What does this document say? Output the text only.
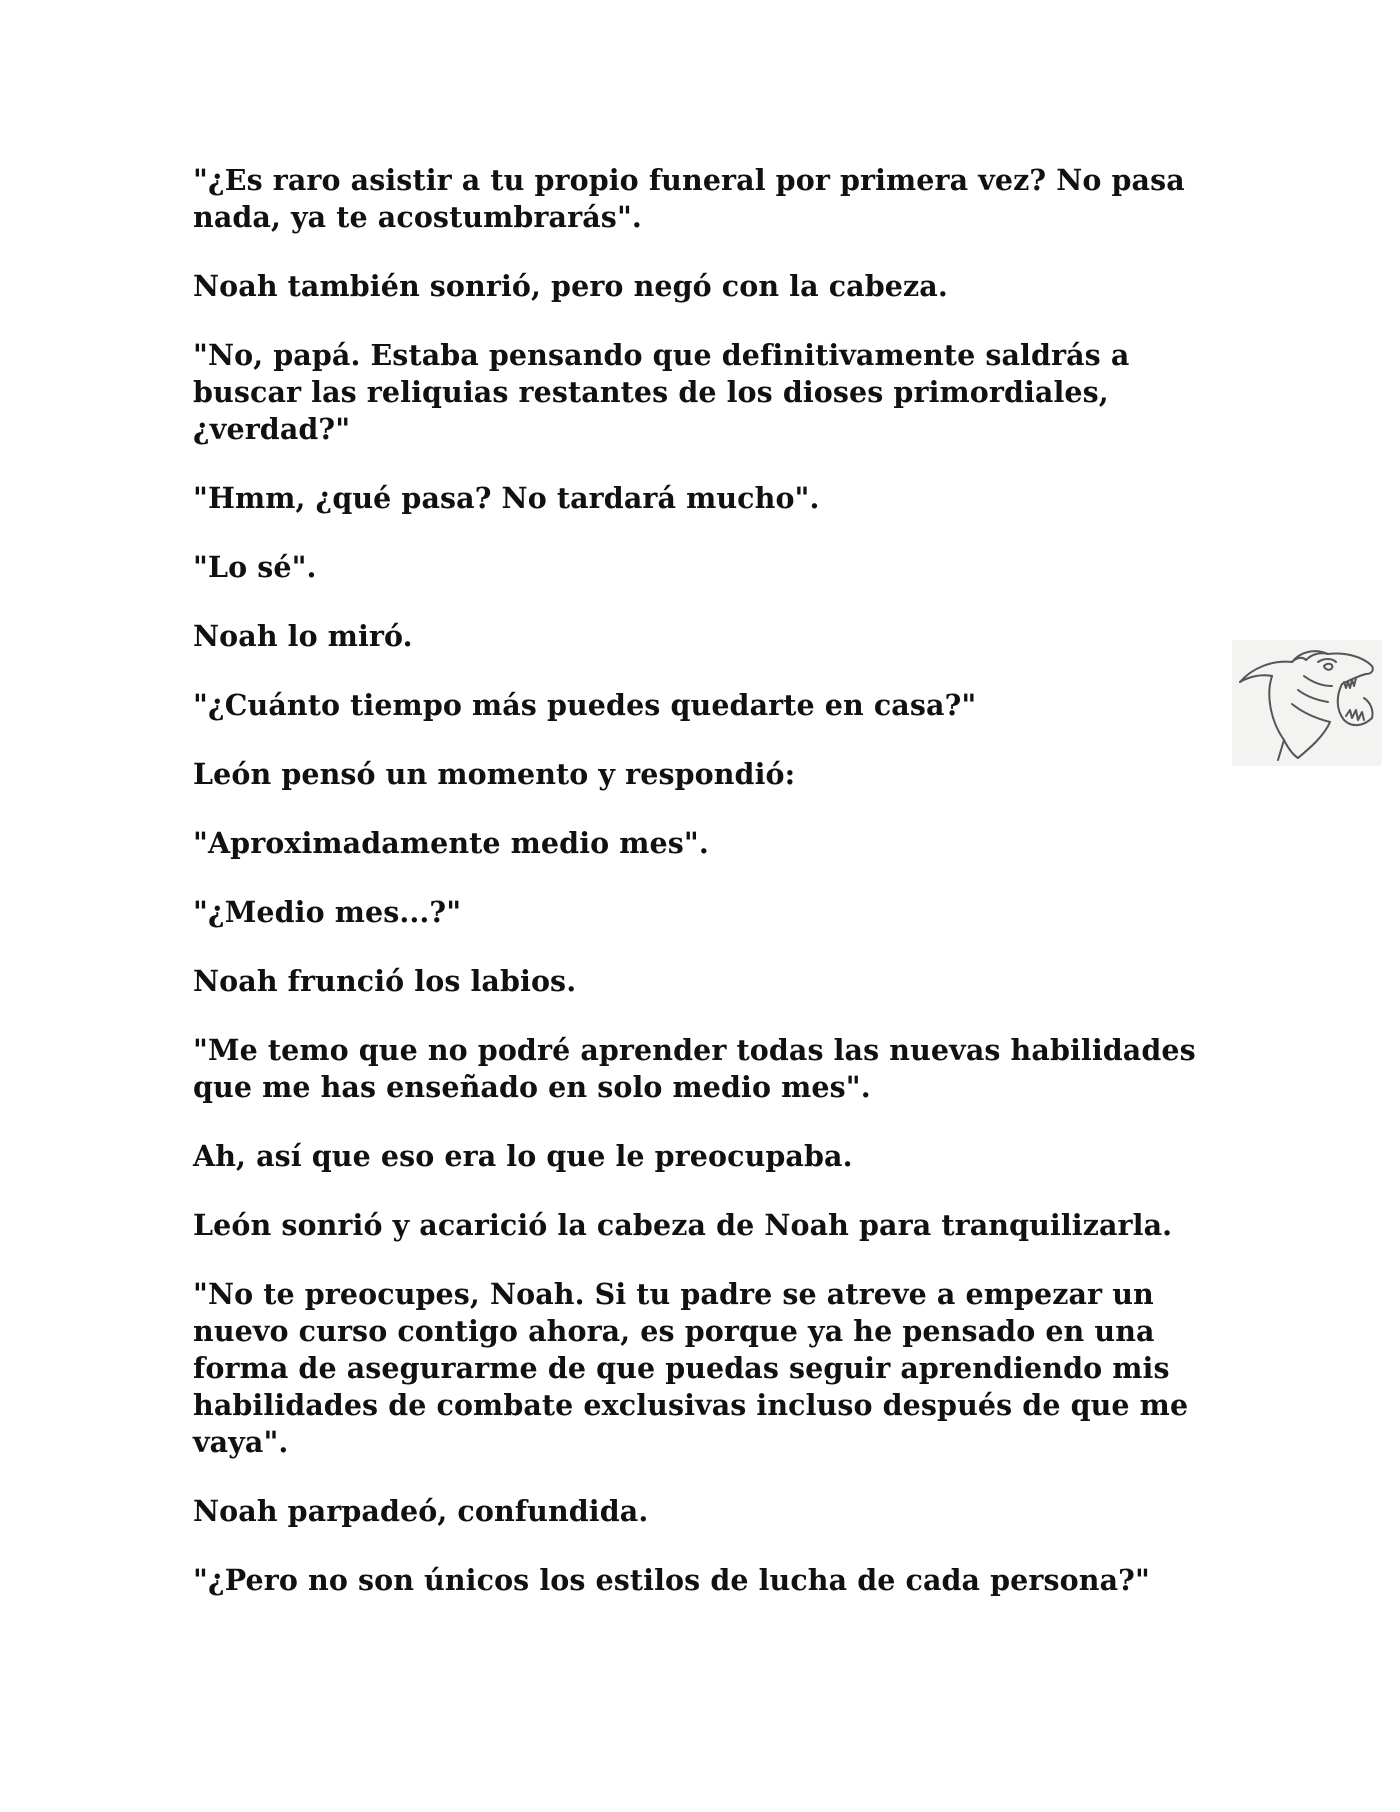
"¿Es raro asistir a tu propio funeral por primera vez? No pasa nada, ya te acostumbrarás".

Noah también sonrió, pero negó con la cabeza.

"No, papá. Estaba pensando que definitivamente saldrás a buscar las reliquias restantes de los dioses primordiales, ¿verdad?"

"Hmm, ¿qué pasa? No tardará mucho".

"Lo sé".

Noah lo miró.

"¿Cuánto tiempo más puedes quedarte en casa?"

León pensó un momento y respondió:

"Aproximadamente medio mes".

"¿Medio mes...?"

Noah frunció los labios.

"Me temo que no podré aprender todas las nuevas habilidades que me has enseñado en solo medio mes".

Ah, así que eso era lo que le preocupaba.

León sonrió y acarició la cabeza de Noah para tranquilizarla.

"No te preocupes, Noah. Si tu padre se atreve a empezar un nuevo curso contigo ahora, es porque ya he pensado en una forma de asegurarme de que puedas seguir aprendiendo mis habilidades de combate exclusivas incluso después de que me vaya".

Noah parpadeó, confundida.

"¿Pero no son únicos los estilos de lucha de cada persona?"
